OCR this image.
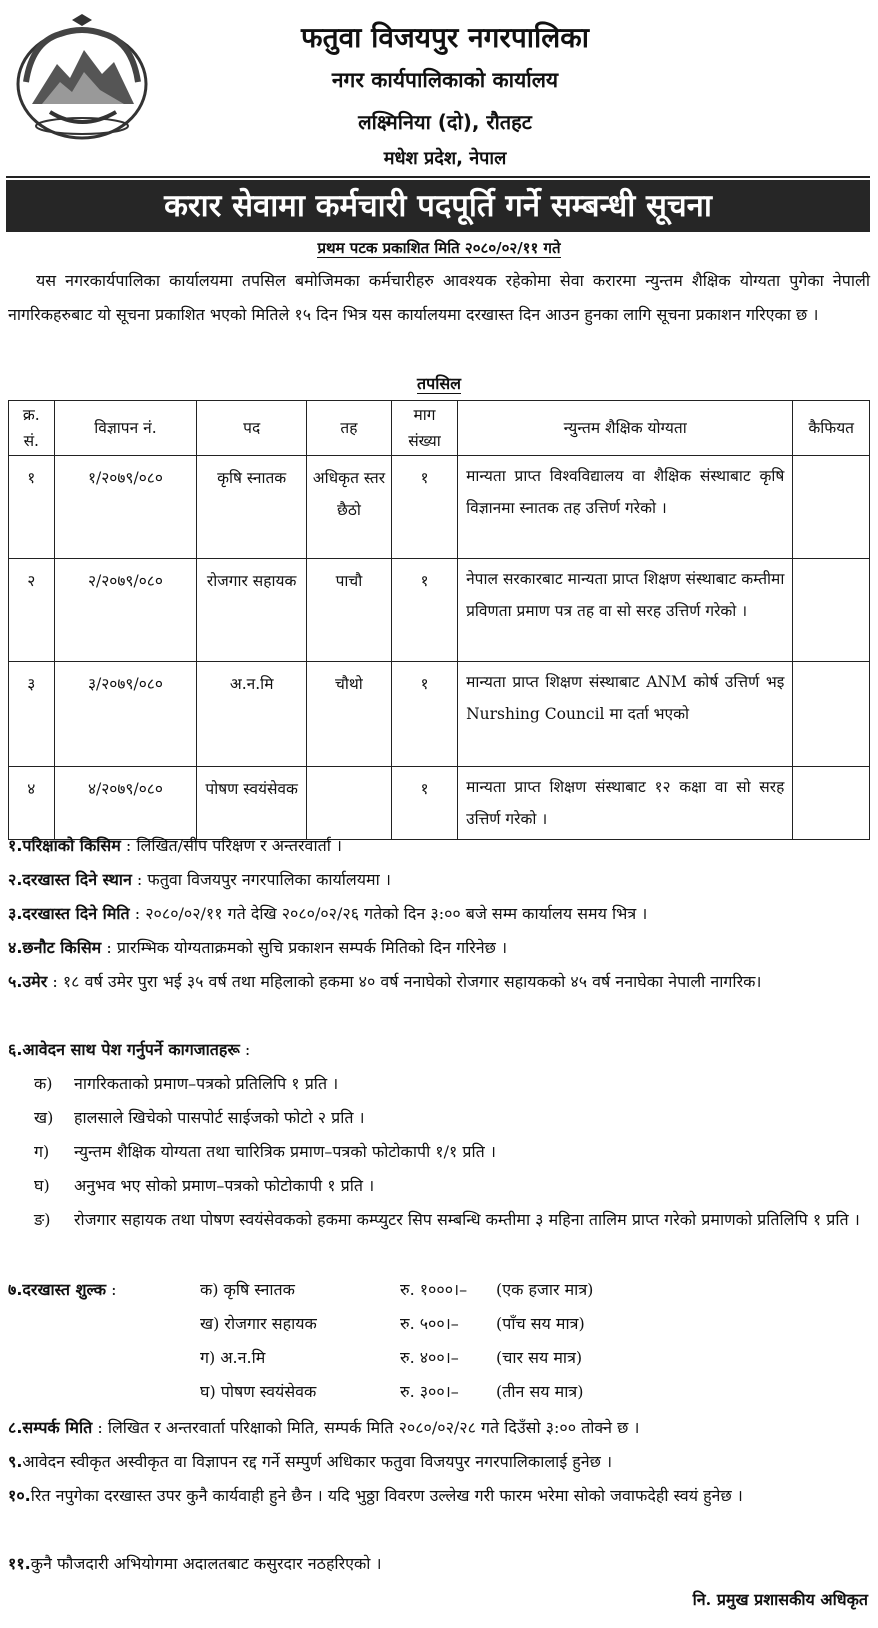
फतुवा विजयपुर नगरपालिका
नगर कार्यपालिकाको कार्यालय
लक्ष्मिनिया (दो), रौतहट
मधेश प्रदेश, नेपाल
करार सेवामा कर्मचारी पदपूर्ति गर्ने सम्बन्धी सूचना
प्रथम पटक प्रकाशित मिति २०८०/०२/११ गते
यस नगरकार्यपालिका कार्यालयमा तपसिल बमोजिमका कर्मचारीहरु आवश्यक रहेकोमा सेवा करारमा न्युन्तम शैक्षिक योग्यता पुगेका नेपाली नागरिकहरुबाट यो सूचना प्रकाशित भएको मितिले १५ दिन भित्र यस कार्यालयमा दरखास्त दिन आउन हुनका लागि सूचना प्रकाशन गरिएका छ ।
तपसिल
क्र. सं.	विज्ञापन नं.	पद	तह	माग संख्या	न्युन्तम शैक्षिक योग्यता	कैफियत
१	१/२०७९/०८०	कृषि स्नातक	अधिकृत स्तर छैठो	१	मान्यता प्राप्त विश्वविद्यालय वा शैक्षिक संस्थाबाट कृषि विज्ञानमा स्नातक तह उत्तिर्ण गरेको ।	
२	२/२०७९/०८०	रोजगार सहायक	पाचौ	१	नेपाल सरकारबाट मान्यता प्राप्त शिक्षण संस्थाबाट कम्तीमा प्रविणता प्रमाण पत्र तह वा सो सरह उत्तिर्ण गरेको ।	
३	३/२०७९/०८०	अ.न.मि	चौथो	१	मान्यता प्राप्त शिक्षण संस्थाबाट ANM कोर्ष उत्तिर्ण भइ Nurshing Council मा दर्ता भएको	
४	४/२०७९/०८०	पोषण स्वयंसेवक		१	मान्यता प्राप्त शिक्षण संस्थाबाट १२ कक्षा वा सो सरह उत्तिर्ण गरेको ।	
१.परिक्षाको किसिम : लिखित/सीप परिक्षण र अन्तरवार्ता ।
२.दरखास्त दिने स्थान : फतुवा विजयपुर नगरपालिका कार्यालयमा ।
३.दरखास्त दिने मिति : २०८०/०२/११ गते देखि २०८०/०२/२६ गतेको दिन ३:०० बजे सम्म कार्यालय समय भित्र ।
४.छनौट किसिम : प्रारम्भिक योग्यताक्रमको सुचि प्रकाशन सम्पर्क मितिको दिन गरिनेछ ।
५.उमेर : १८ वर्ष उमेर पुरा भई ३५ वर्ष तथा महिलाको हकमा ४० वर्ष ननाघेको रोजगार सहायकको ४५ वर्ष ननाघेका नेपाली नागरिक।
६.आवेदन साथ पेश गर्नुपर्ने कागजातहरू :
क) नागरिकताको प्रमाण–पत्रको प्रतिलिपि १ प्रति ।
ख) हालसाले खिचेको पासपोर्ट साईजको फोटो २ प्रति ।
ग) न्युन्तम शैक्षिक योग्यता तथा चारित्रिक प्रमाण–पत्रको फोटोकापी १/१ प्रति ।
घ) अनुभव भए सोको प्रमाण–पत्रको फोटोकापी १ प्रति ।
ङ) रोजगार सहायक तथा पोषण स्वयंसेवकको हकमा कम्प्युटर सिप सम्बन्धि कम्तीमा ३ महिना तालिम प्राप्त गरेको प्रमाणको प्रतिलिपि १ प्रति ।
७.दरखास्त शुल्क :	क) कृषि स्नातक	रु. १०००।– (एक हजार मात्र)
ख) रोजगार सहायक	रु. ५००।– (पाँच सय मात्र)
ग) अ.न.मि	रु. ४००।– (चार सय मात्र)
घ) पोषण स्वयंसेवक	रु. ३००।– (तीन सय मात्र)
८.सम्पर्क मिति : लिखित र अन्तरवार्ता परिक्षाको मिति, सम्पर्क मिति २०८०/०२/२८ गते दिउँसो ३:०० तोक्ने छ ।
९.आवेदन स्वीकृत अस्वीकृत वा विज्ञापन रद्द गर्ने सम्पुर्ण अधिकार फतुवा विजयपुर नगरपालिकालाई हुनेछ ।
१०.रित नपुगेका दरखास्त उपर कुनै कार्यवाही हुने छैन । यदि भुठ्ठा विवरण उल्लेख गरी फारम भरेमा सोको जवाफदेही स्वयं हुनेछ ।
११.कुनै फौजदारी अभियोगमा अदालतबाट कसुरदार नठहरिएको ।
नि. प्रमुख प्रशासकीय अधिकृत
